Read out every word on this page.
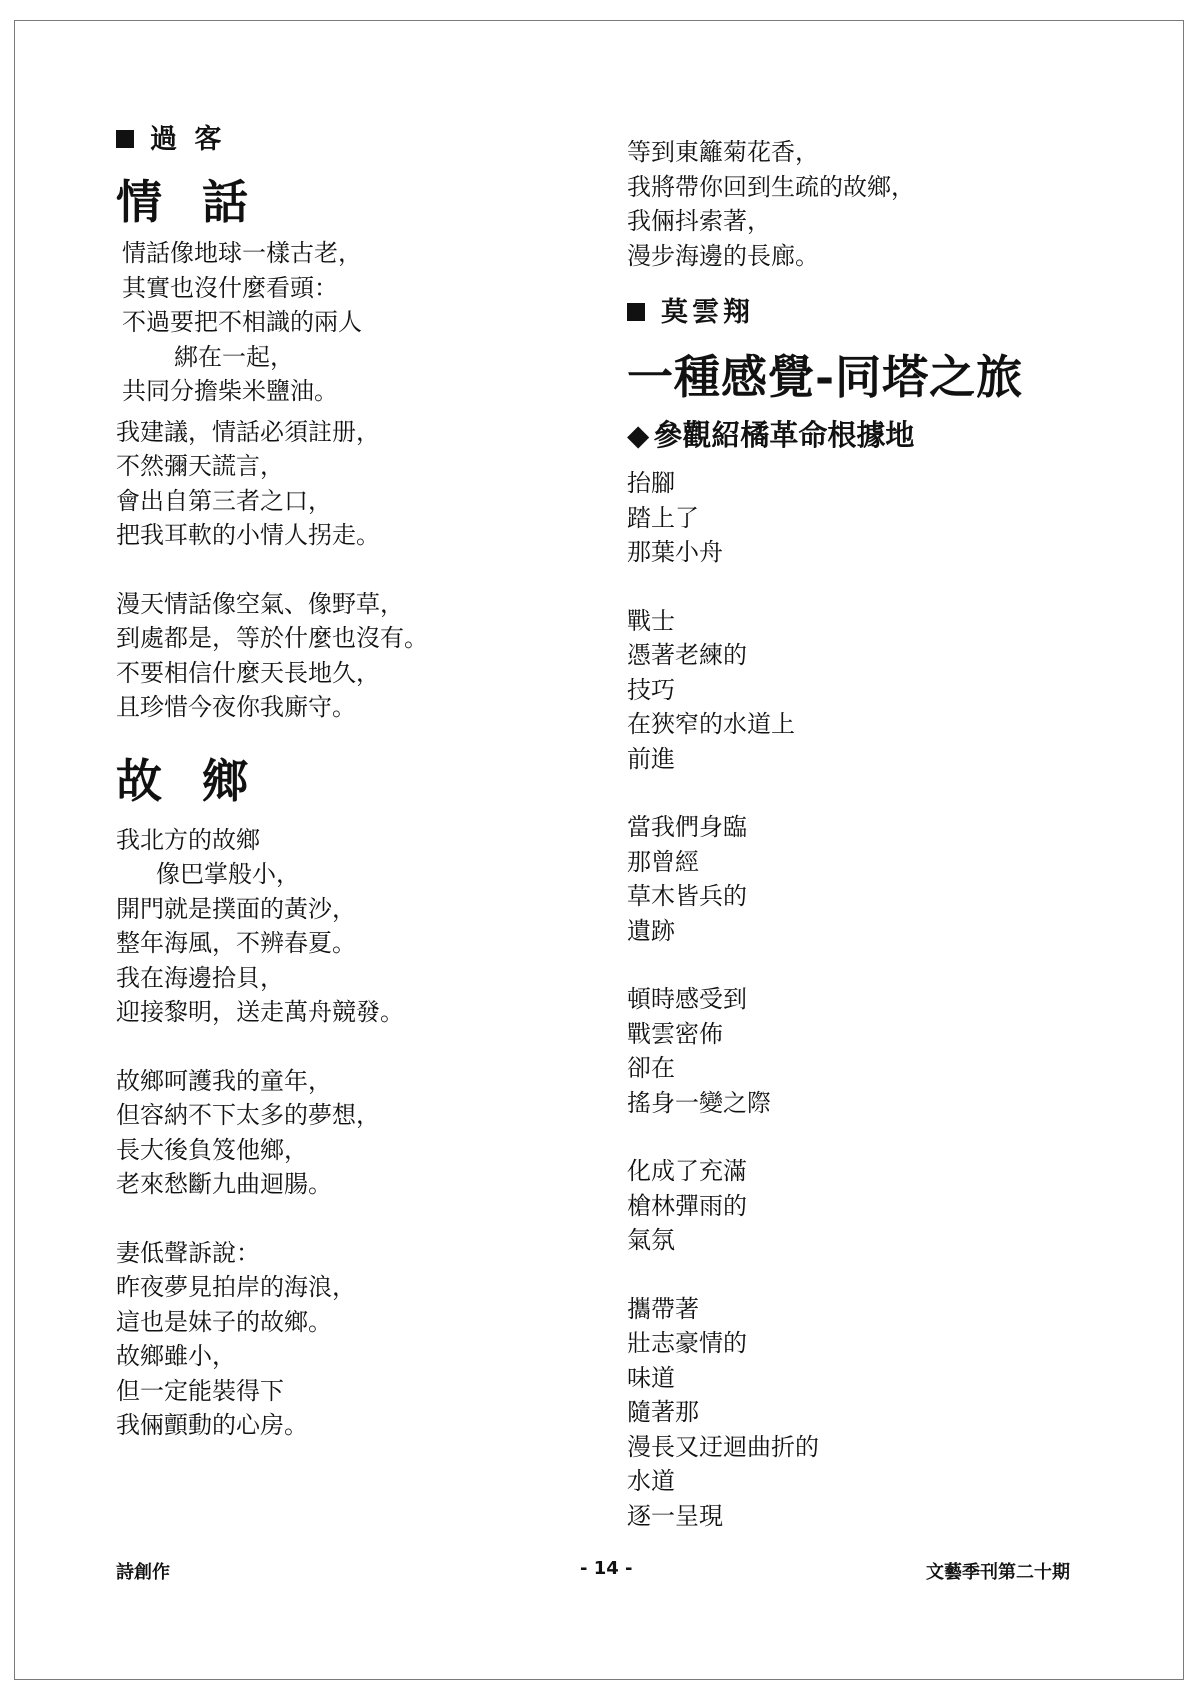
過 客
情 話
情話像地球一樣古老，
其實也沒什麼看頭：
不過要把不相識的兩人
綁在一起，
共同分擔柴米鹽油。
我建議，情話必須註册，
不然彌天謊言，
會出自第三者之口，
把我耳軟的小情人拐走。
漫天情話像空氣、像野草，
到處都是，等於什麼也沒有。
不要相信什麼天長地久，
且珍惜今夜你我廝守。
故 鄉
我北方的故鄉
像巴掌般小，
開門就是撲面的黃沙，
整年海風，不辨春夏。
我在海邊拾貝，
迎接黎明，送走萬舟競發。
故鄉呵護我的童年，
但容納不下太多的夢想，
長大後負笈他鄉，
老來愁斷九曲迴腸。
妻低聲訴說：
昨夜夢見拍岸的海浪，
這也是妹子的故鄉。
故鄉雖小，
但一定能裝得下
我倆顫動的心房。
等到東籬菊花香，
我將帶你回到生疏的故鄉，
我倆抖索著，
漫步海邊的長廊。
莫雲翔
一種感覺-同塔之旅
◆ 參觀紹橘革命根據地
抬腳
踏上了
那葉小舟
戰士
憑著老練的
技巧
在狹窄的水道上
前進
當我們身臨
那曾經
草木皆兵的
遺跡
頓時感受到
戰雲密佈
卻在
搖身一變之際
化成了充滿
槍林彈雨的
氣氛
攜帶著
壯志豪情的
味道
隨著那
漫長又迂迴曲折的
水道
逐一呈現
詩創作	- 14 -	文藝季刊第二十期
